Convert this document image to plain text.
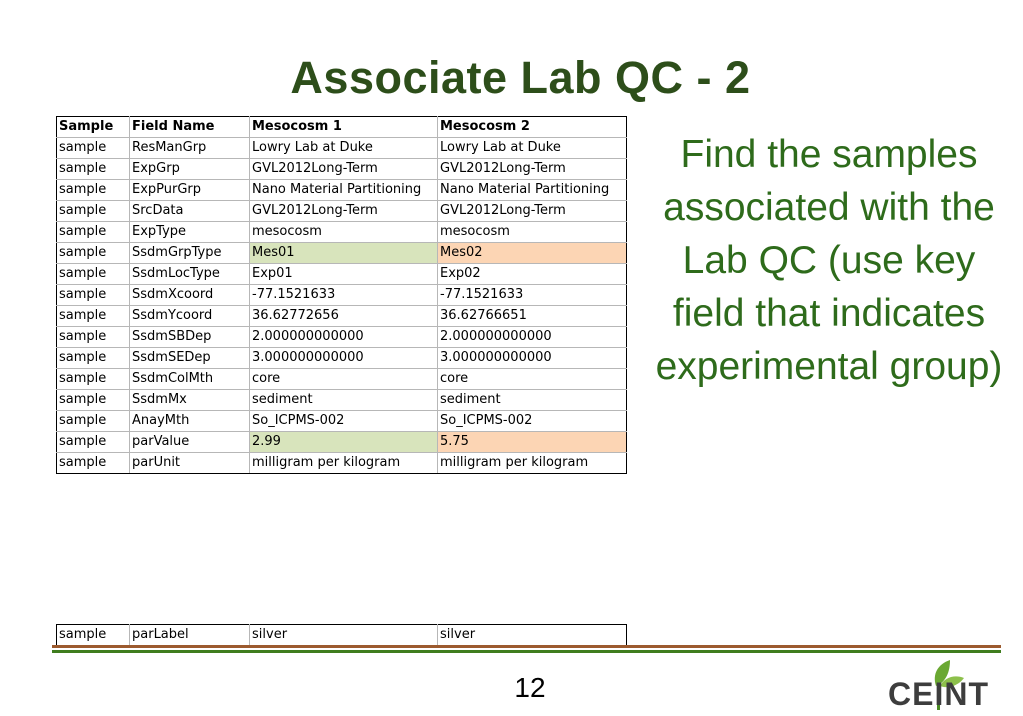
Associate Lab QC - 2
Sample	Field Name	Mesocosm 1	Mesocosm 2
sample	ResManGrp	Lowry Lab at Duke	Lowry Lab at Duke
sample	ExpGrp	GVL2012Long-Term	GVL2012Long-Term
sample	ExpPurGrp	Nano Material Partitioning	Nano Material Partitioning
sample	SrcData	GVL2012Long-Term	GVL2012Long-Term
sample	ExpType	mesocosm	mesocosm
sample	SsdmGrpType	Mes01	Mes02
sample	SsdmLocType	Exp01	Exp02
sample	SsdmXcoord	-77.1521633	-77.1521633
sample	SsdmYcoord	36.62772656	36.62766651
sample	SsdmSBDep	2.000000000000	2.000000000000
sample	SsdmSEDep	3.000000000000	3.000000000000
sample	SsdmColMth	core	core
sample	SsdmMx	sediment	sediment
sample	AnayMth	So_ICPMS-002	So_ICPMS-002
sample	parValue	2.99	5.75
sample	parUnit	milligram per kilogram	milligram per kilogram
sample	parLabel	silver	silver
Find the samples associated with the Lab QC (use key field that indicates experimental group)
12	CEINT
